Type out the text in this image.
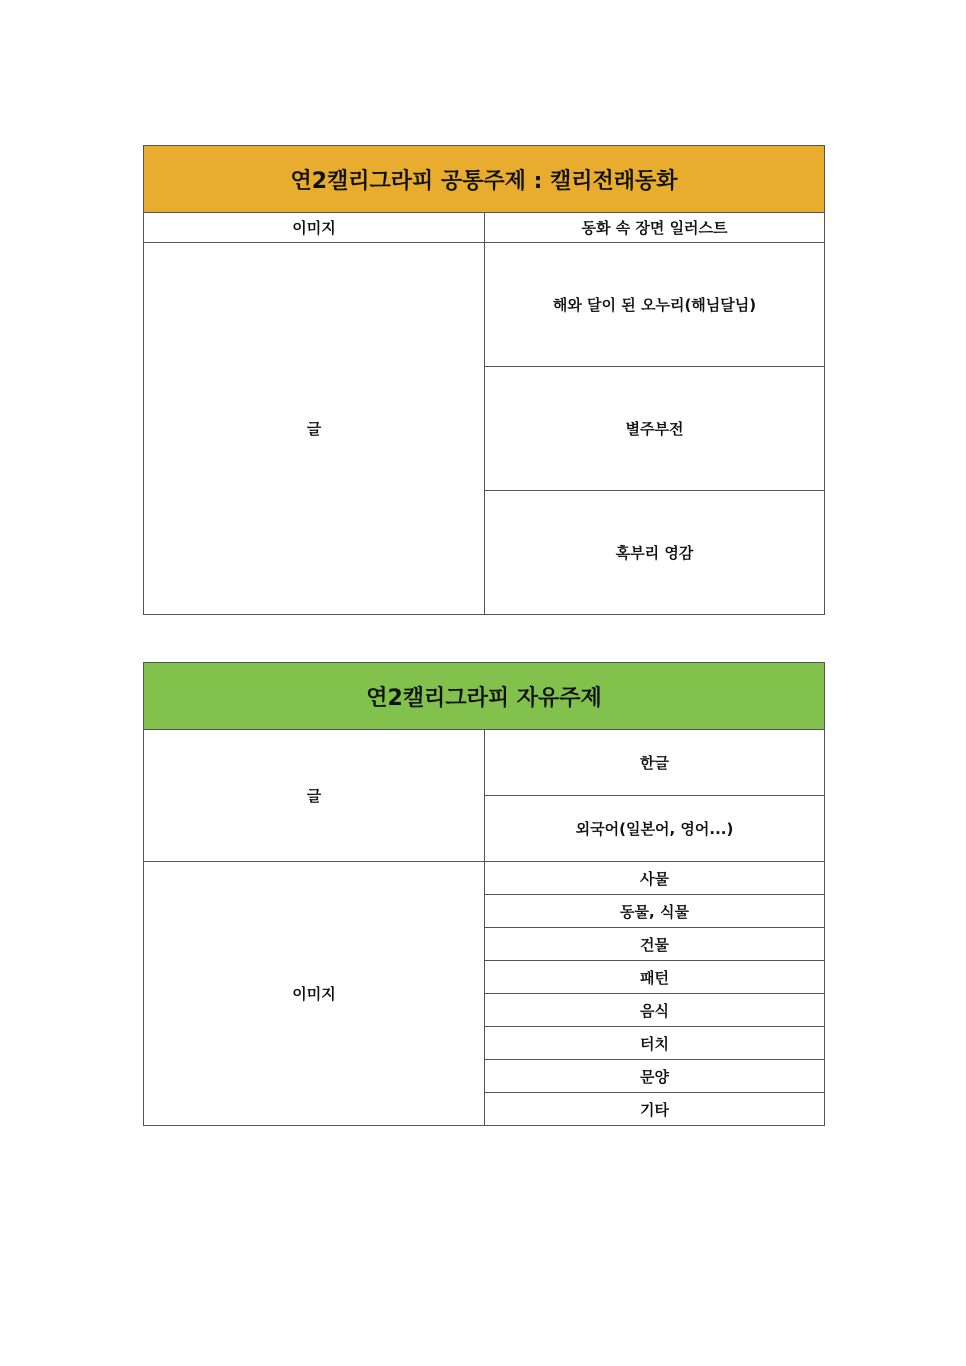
연2캘리그라피 공통주제 : 캘리전래동화	
이미지	동화 속 장면 일러스트
글	해와 달이 된 오누리(해님달님)
	별주부전
	혹부리 영감
연2캘리그라피 자유주제	
글	한글
	외국어(일본어, 영어...)
이미지	사물
	동물, 식물
	건물
	패턴
	음식
	터치
	문양
	기타
